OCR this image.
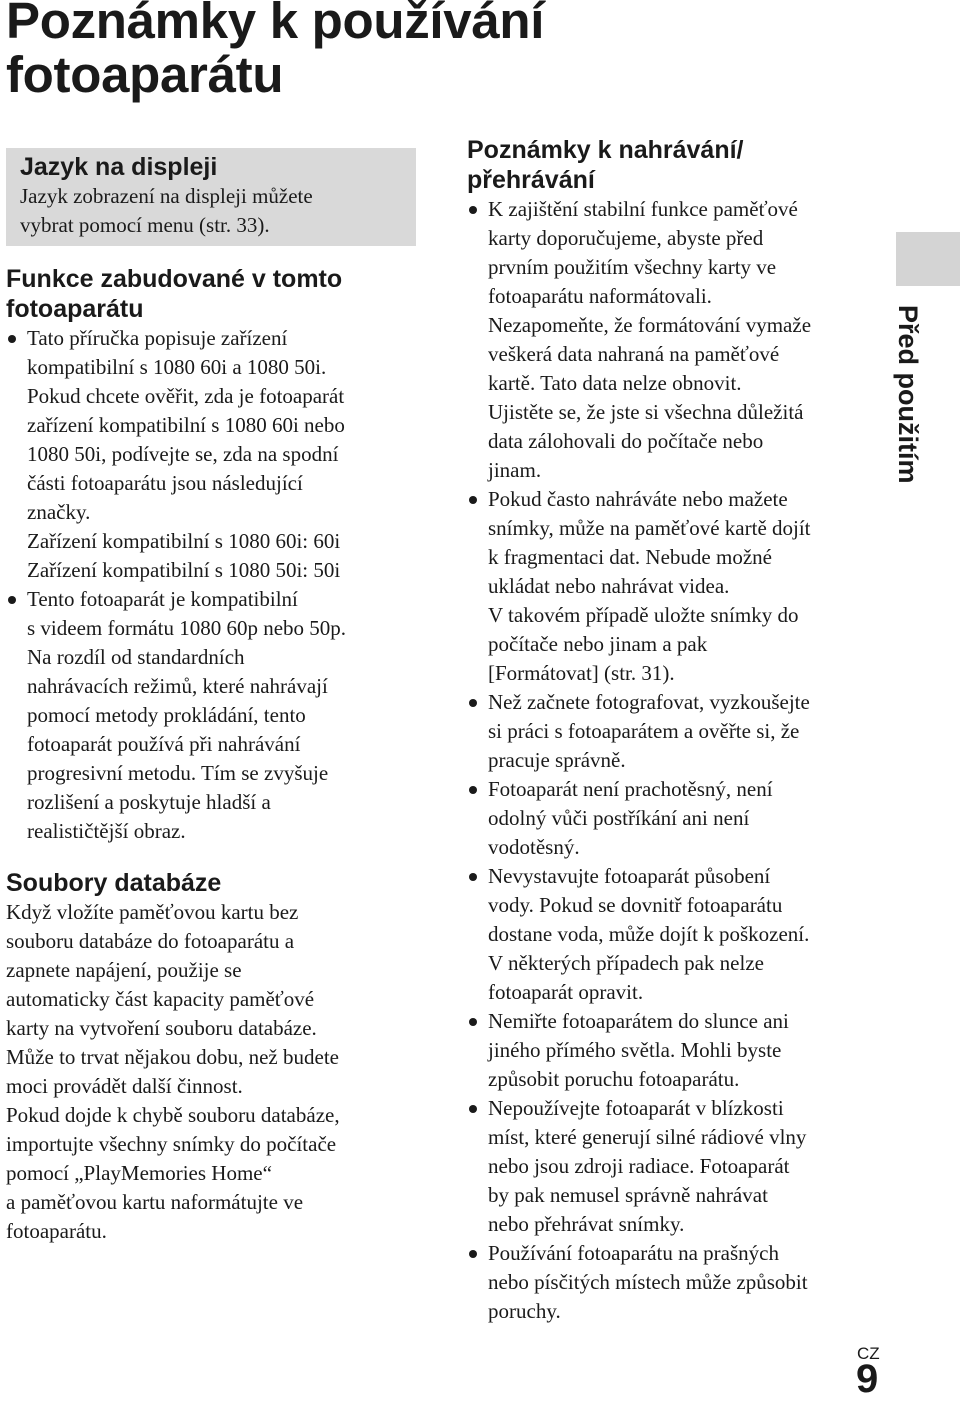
Poznámky k používání
fotoaparátu
Jazyk na displeji
Jazyk zobrazení na displeji můžete
vybrat pomocí menu (str. 33).
Funkce zabudované v tomto
fotoaparátu
Tato příručka popisuje zařízení
kompatibilní s 1080 60i a 1080 50i.
Pokud chcete ověřit, zda je fotoaparát
zařízení kompatibilní s 1080 60i nebo
1080 50i, podívejte se, zda na spodní
části fotoaparátu jsou následující
značky.
Zařízení kompatibilní s 1080 60i: 60i
Zařízení kompatibilní s 1080 50i: 50i
Tento fotoaparát je kompatibilní
s videem formátu 1080 60p nebo 50p.
Na rozdíl od standardních
nahrávacích režimů, které nahrávají
pomocí metody prokládání, tento
fotoaparát používá při nahrávání
progresivní metodu. Tím se zvyšuje
rozlišení a poskytuje hladší a
realističtější obraz.
Soubory databáze

Když vložíte paměťovou kartu bez
souboru databáze do fotoaparátu a
zapnete napájení, použije se
automaticky část kapacity paměťové
karty na vytvoření souboru databáze.
Může to trvat nějakou dobu, než budete
moci provádět další činnost.
Pokud dojde k chybě souboru databáze,
importujte všechny snímky do počítače
pomocí „PlayMemories Home“
a paměťovou kartu naformátujte ve
fotoaparátu.

Poznámky k nahrávání/
přehrávání
K zajištění stabilní funkce paměťové
karty doporučujeme, abyste před
prvním použitím všechny karty ve
fotoaparátu naformátovali.
Nezapomeňte, že formátování vymaže
veškerá data nahraná na paměťové
kartě. Tato data nelze obnovit.
Ujistěte se, že jste si všechna důležitá
data zálohovali do počítače nebo
jinam.
Pokud často nahráváte nebo mažete
snímky, může na paměťové kartě dojít
k fragmentaci dat. Nebude možné
ukládat nebo nahrávat videa.
V takovém případě uložte snímky do
počítače nebo jinam a pak
[Formátovat] (str. 31).
Než začnete fotografovat, vyzkoušejte
si práci s fotoaparátem a ověřte si, že
pracuje správně.
Fotoaparát není prachotěsný, není
odolný vůči postříkání ani není
vodotěsný.
Nevystavujte fotoaparát působení
vody. Pokud se dovnitř fotoaparátu
dostane voda, může dojít k poškození.
V některých případech pak nelze
fotoaparát opravit.
Nemiřte fotoaparátem do slunce ani
jiného přímého světla. Mohli byste
způsobit poruchu fotoaparátu.
Nepoužívejte fotoaparát v blízkosti
míst, které generují silné rádiové vlny
nebo jsou zdroji radiace. Fotoaparát
by pak nemusel správně nahrávat
nebo přehrávat snímky.
Používání fotoaparátu na prašných
nebo písčitých místech může způsobit
poruchy.
Před použitím
CZ
9
